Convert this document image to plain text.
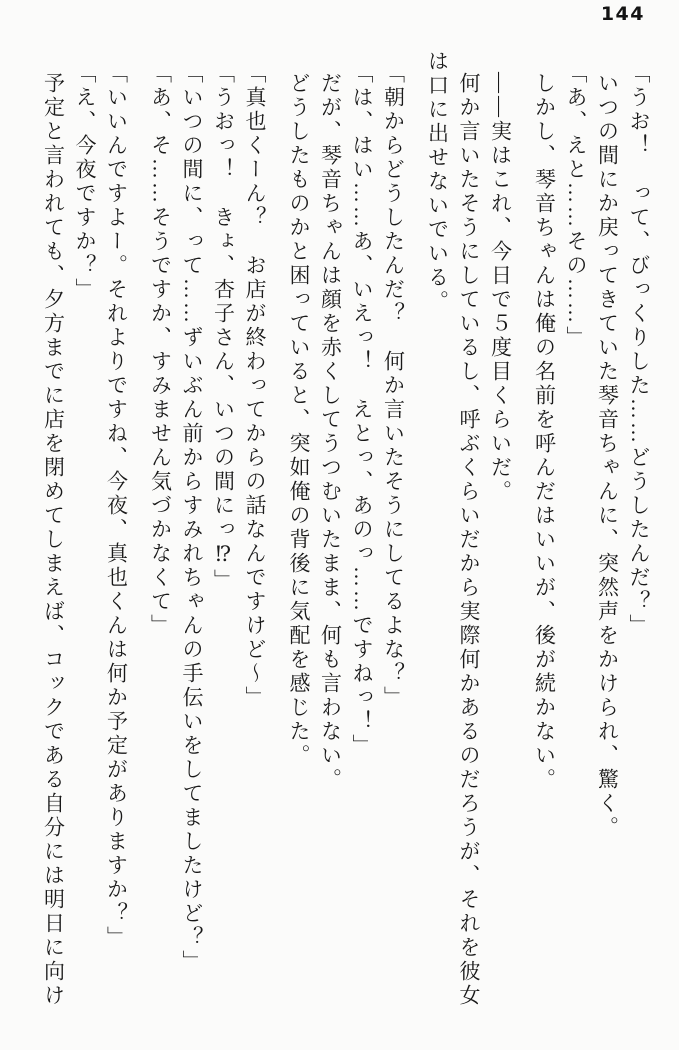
144
「うお！　って、びっくりした……どうしたんだ？」
いつの間にか戻ってきていた琴音ちゃんに、突然声をかけられ、驚く。
「あ、えと……その……」
しかし、琴音ちゃんは俺の名前を呼んだはいいが、後が続かない。
――実はこれ、今日で５度目くらいだ。
何か言いたそうにしているし、呼ぶくらいだから実際何かあるのだろうが、それを彼女
は口に出せないでいる。
「朝からどうしたんだ？　何か言いたそうにしてるよな？」
「は、はい……あ、いえっ！　えとっ、あのっ……ですねっ！」
だが、琴音ちゃんは顔を赤くしてうつむいたまま、何も言わない。
どうしたものかと困っていると、突如俺の背後に気配を感じた。
「真也くーん？　お店が終わってからの話なんですけど〜」
「うおっ！　きょ、杏子さん、いつの間にっ⁉」
「いつの間に、って……ずいぶん前からすみれちゃんの手伝いをしてましたけど？」
「あ、そ……そうですか、すみません気づかなくて」
「いいんですよー。それよりですね、今夜、真也くんは何か予定がありますか？」
「え、今夜ですか？」
予定と言われても、夕方までに店を閉めてしまえば、コックである自分には明日に向け
